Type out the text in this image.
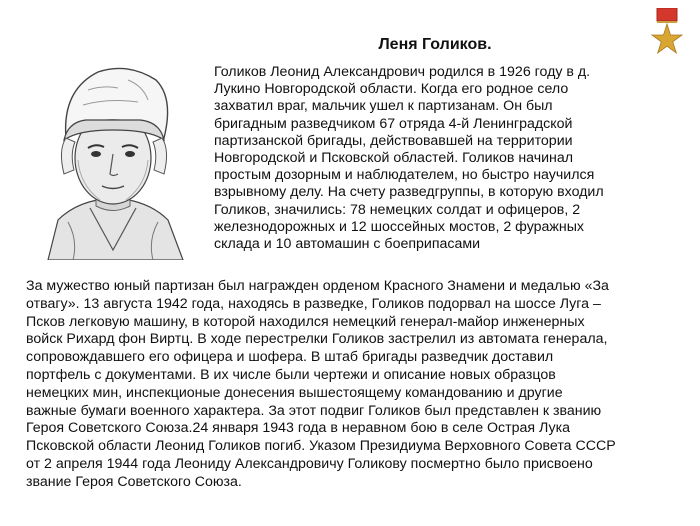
Леня Голиков.
Голиков Леонид Александрович родился в 1926 году в д.
Лукино Новгородской области. Когда его родное село
захватил враг, мальчик ушел к партизанам. Он был
бригадным разведчиком 67 отряда 4-й Ленинградской
партизанской бригады, действовавшей на территории
Новгородской и Псковской областей. Голиков начинал
простым дозорным и наблюдателем, но быстро научился
взрывному делу. На счету разведгруппы, в которую входил
Голиков, значились: 78 немецких солдат и офицеров, 2
железнодорожных и 12 шоссейных мостов, 2 фуражных
склада и 10 автомашин с боеприпасами
За мужество юный партизан был награжден орденом Красного Знамени и медалью «За
отвагу». 13 августа 1942 года, находясь в разведке, Голиков подорвал на шоссе Луга –
Псков легковую машину, в которой находился немецкий генерал-майор инженерных
войск Рихард фон Виртц. В ходе перестрелки Голиков застрелил из автомата генерала,
сопровождавшего его офицера и шофера. В штаб бригады разведчик доставил
портфель с документами. В их числе были чертежи и описание новых образцов
немецких мин, инспекционые донесения вышестоящему командованию и другие
важные бумаги военного характера. За этот подвиг Голиков был представлен к званию
Героя Советского Союза.24 января 1943 года в неравном бою в селе Острая Лука
Псковской области Леонид Голиков погиб. Указом Президиума Верховного Совета СССР
от 2 апреля 1944 года Леониду Александровичу Голикову посмертно было присвоено
звание Героя Советского Союза.
